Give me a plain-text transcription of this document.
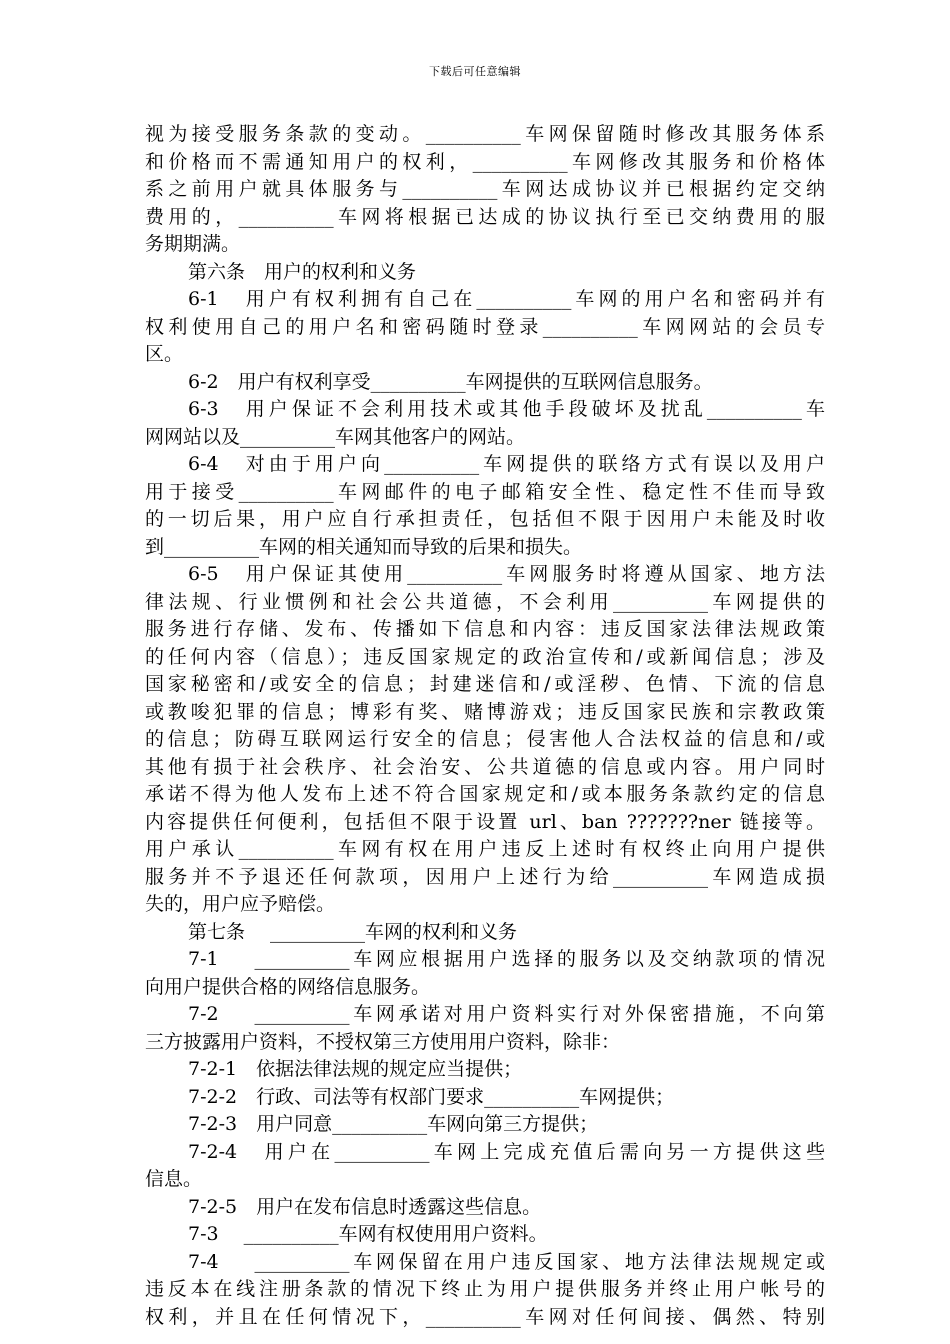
下载后可任意编辑
视为接受服务条款的变动。__________车网保留随时修改其服务体系
和价格而不需通知用户的权利，__________车网修改其服务和价格体
系之前用户就具体服务与__________车网达成协议并已根据约定交纳
费用的，__________车网将根据已达成的协议执行至已交纳费用的服
务期期满。
第六条　用户的权利和义务
6-1　用户有权利拥有自己在__________车网的用户名和密码并有
权利使用自己的用户名和密码随时登录__________车网网站的会员专
区。
6-2　用户有权利享受__________车网提供的互联网信息服务。
6-3　用户保证不会利用技术或其他手段破坏及扰乱__________车
网网站以及__________车网其他客户的网站。
6-4　对由于用户向__________车网提供的联络方式有误以及用户
用于接受__________车网邮件的电子邮箱安全性、稳定性不佳而导致
的一切后果，用户应自行承担责任，包括但不限于因用户未能及时收
到__________车网的相关通知而导致的后果和损失。
6-5　用户保证其使用__________车网服务时将遵从国家、地方法
律法规、行业惯例和社会公共道德，不会利用__________车网提供的
服务进行存储、发布、传播如下信息和内容：违反国家法律法规政策
的任何内容（信息）；违反国家规定的政治宣传和/或新闻信息；涉及
国家秘密和/或安全的信息；封建迷信和/或淫秽、色情、下流的信息
或教唆犯罪的信息；博彩有奖、赌博游戏；违反国家民族和宗教政策
的信息；防碍互联网运行安全的信息；侵害他人合法权益的信息和/或
其他有损于社会秩序、社会治安、公共道德的信息或内容。用户同时
承诺不得为他人发布上述不符合国家规定和/或本服务条款约定的信息
内容提供任何便利，包括但不限于设置 url、ban ???????ner 链接等。
用户承认__________车网有权在用户违反上述时有权终止向用户提供
服务并不予退还任何款项，因用户上述行为给__________车网造成损
失的，用户应予赔偿。
第七条　 __________车网的权利和义务
7-1　 __________车网应根据用户选择的服务以及交纳款项的情况
向用户提供合格的网络信息服务。
7-2　 __________车网承诺对用户资料实行对外保密措施，不向第
三方披露用户资料，不授权第三方使用用户资料，除非：
7-2-1　依据法律法规的规定应当提供；
7-2-2　行政、司法等有权部门要求__________车网提供；
7-2-3　用户同意__________车网向第三方提供；
7-2-4　用户在__________车网上完成充值后需向另一方提供这些
信息。
7-2-5　用户在发布信息时透露这些信息。
7-3　 __________车网有权使用用户资料。
7-4　 __________车网保留在用户违反国家、地方法律法规规定或
违反本在线注册条款的情况下终止为用户提供服务并终止用户帐号的
权利，并且在任何情况下，__________车网对任何间接、偶然、特别
